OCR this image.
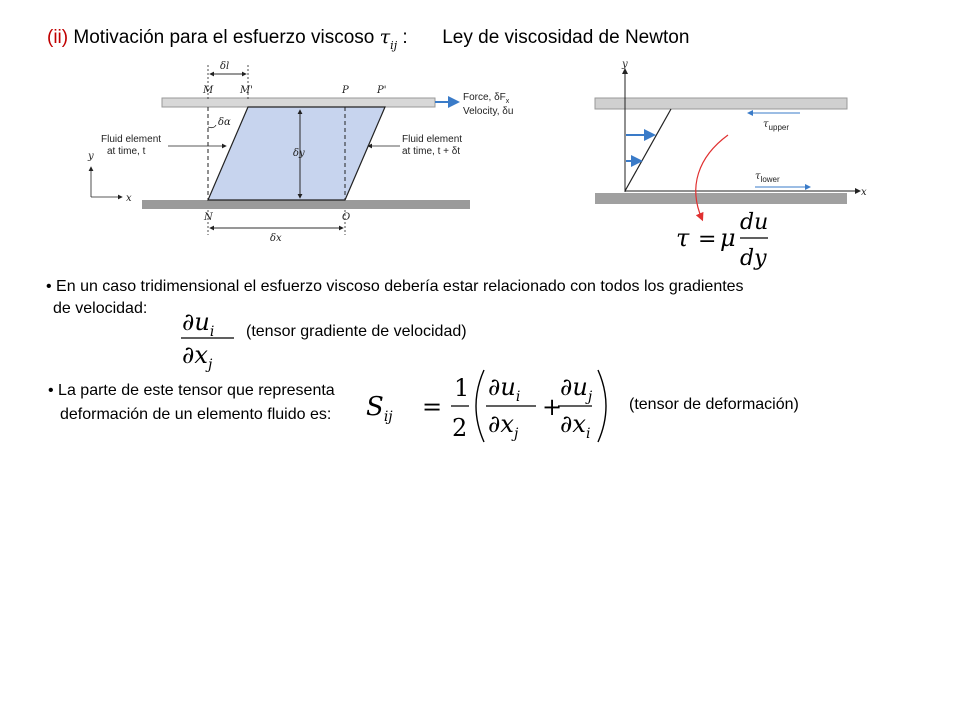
(ii) Motivación para el esfuerzo viscoso $\tau_{ij}$ : Ley de viscosidad de Newton
δl
M	M'	P	P'
Force, $\delta F_x$
Velocity, δu
δα
δy
Fluid element
at time, t
Fluid element
at time, t + δt
y
x
N	O
δx
y
x
$\tau_{upper}$
$\tau_{lower}$
τ = μ
du
dy
• En un caso tridimensional el esfuerzo viscoso debería estar relacionado con todos los gradientes
de velocidad: $\partial u_i$
$\partial x_j$
(tensor gradiente de velocidad)
• La parte de este tensor que representa
deformación de un elemento fluido es: $S_{ij}$ =
1
2
$\partial u_i$
$\partial x_j$
+
$\partial u_j$
$\partial x_i$
(tensor de deformación)
